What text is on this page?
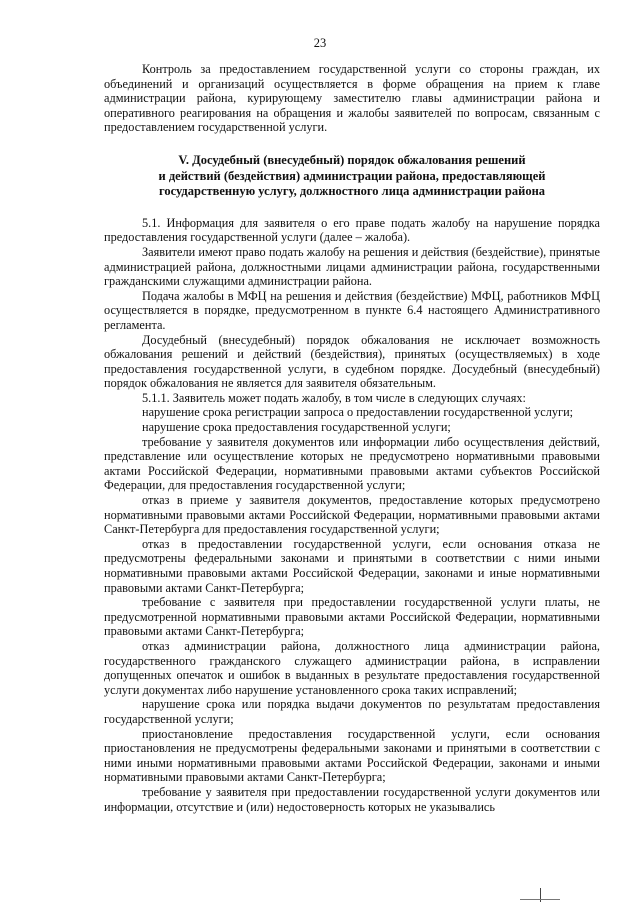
23

Контроль за предоставлением государственной услуги со стороны граждан, их объединений и организаций осуществляется в форме обращения на прием к главе администрации района, курирующему заместителю главы администрации района и оперативного реагирования на обращения и жалобы заявителей по вопросам, связанным с предоставлением государственной услуги.

V. Досудебный (внесудебный) порядок обжалования решений
и действий (бездействия) администрации района, предоставляющей
государственную услугу, должностного лица администрации района

5.1. Информация для заявителя о его праве подать жалобу на нарушение порядка предоставления государственной услуги (далее – жалоба).

Заявители имеют право подать жалобу на решения и действия (бездействие), принятые администрацией района, должностными лицами администрации района, государственными гражданскими служащими администрации района.

Подача жалобы в МФЦ на решения и действия (бездействие) МФЦ, работников МФЦ осуществляется в порядке, предусмотренном в пункте 6.4 настоящего Административного регламента.

Досудебный (внесудебный) порядок обжалования не исключает возможность обжалования решений и действий (бездействия), принятых (осуществляемых) в ходе предоставления государственной услуги, в судебном порядке. Досудебный (внесудебный) порядок обжалования не является для заявителя обязательным.

5.1.1. Заявитель может подать жалобу, в том числе в следующих случаях:

нарушение срока регистрации запроса о предоставлении государственной услуги;

нарушение срока предоставления государственной услуги;

требование у заявителя документов или информации либо осуществления действий, представление или осуществление которых не предусмотрено нормативными правовыми актами Российской Федерации, нормативными правовыми актами субъектов Российской Федерации, для предоставления государственной услуги;

отказ в приеме у заявителя документов, предоставление которых предусмотрено нормативными правовыми актами Российской Федерации, нормативными правовыми актами Санкт-Петербурга для предоставления государственной услуги;

отказ в предоставлении государственной услуги, если основания отказа не предусмотрены федеральными законами и принятыми в соответствии с ними иными нормативными правовыми актами Российской Федерации, законами и иные нормативными правовыми актами Санкт-Петербурга;

требование с заявителя при предоставлении государственной услуги платы, не предусмотренной нормативными правовыми актами Российской Федерации, нормативными правовыми актами Санкт-Петербурга;

отказ администрации района, должностного лица администрации района, государственного гражданского служащего администрации района, в исправлении допущенных опечаток и ошибок в выданных в результате предоставления государственной услуги документах либо нарушение установленного срока таких исправлений;

нарушение срока или порядка выдачи документов по результатам предоставления государственной услуги;

приостановление предоставления государственной услуги, если основания приостановления не предусмотрены федеральными законами и принятыми в соответствии с ними иными нормативными правовыми актами Российской Федерации, законами и иными нормативными правовыми актами Санкт-Петербурга;

требование у заявителя при предоставлении государственной услуги документов или информации, отсутствие и (или) недостоверность которых не указывались
